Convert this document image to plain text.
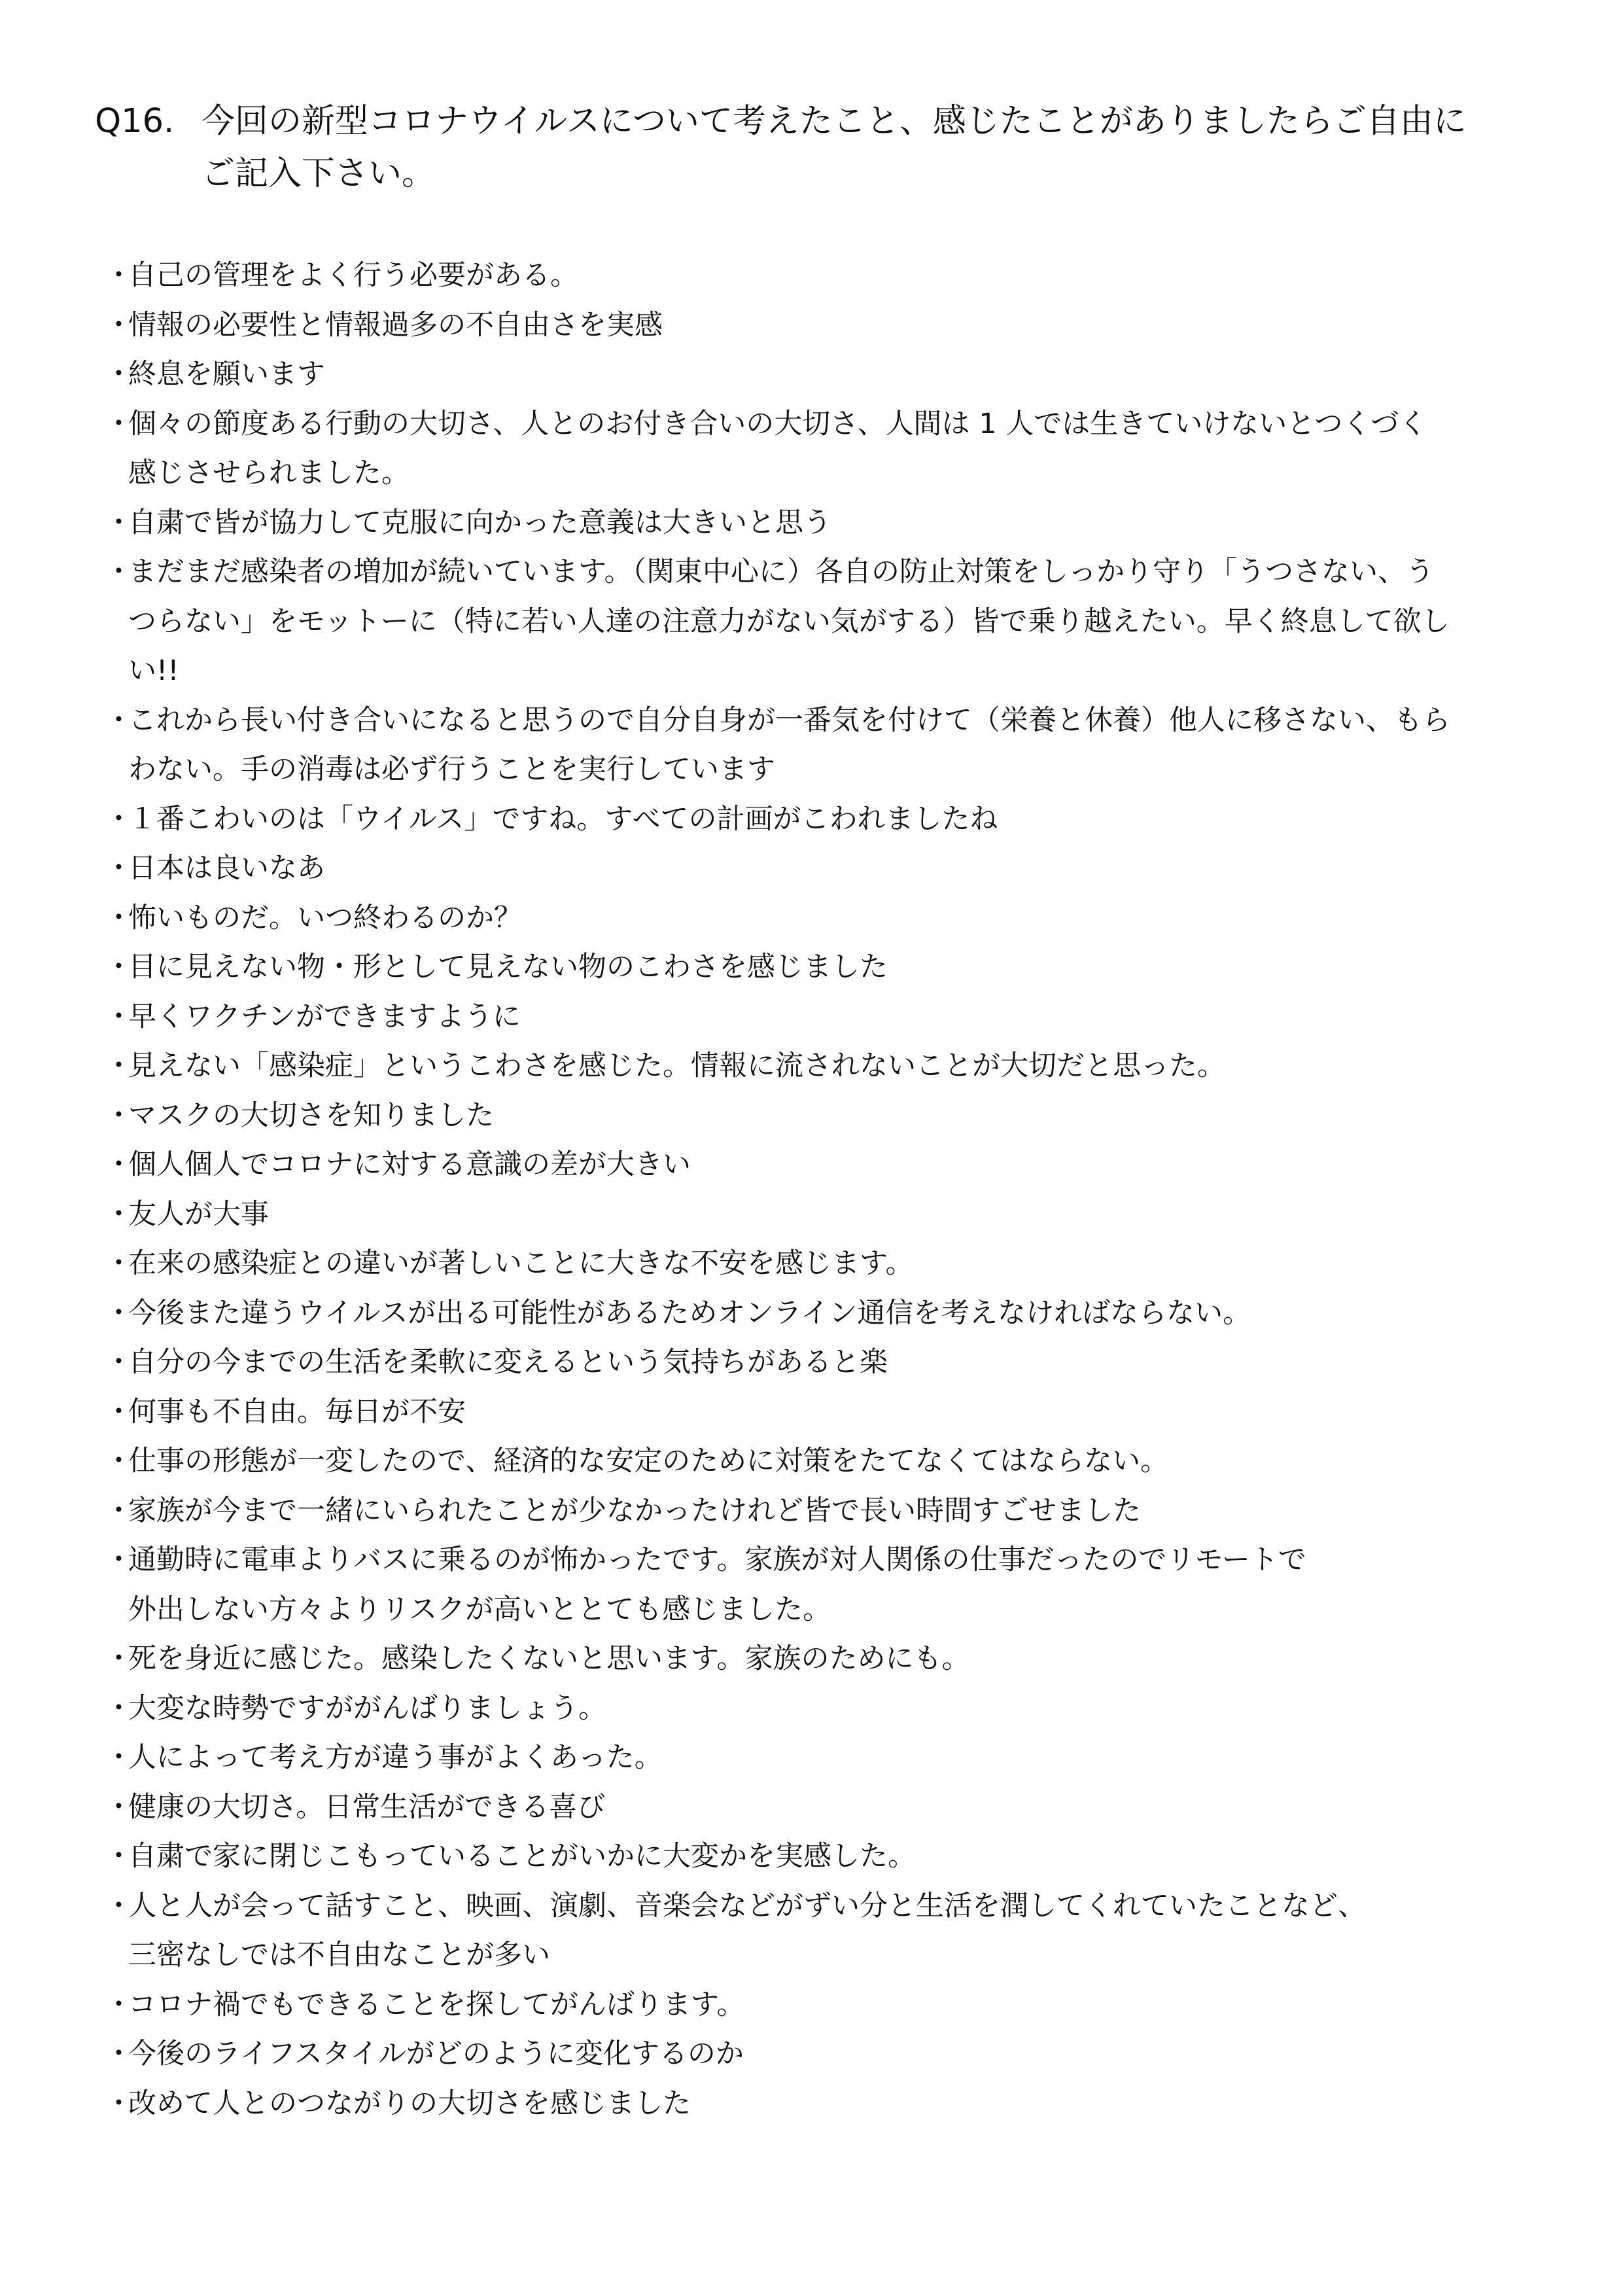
Q16. 今回の新型コロナウイルスについて考えたこと、感じたことがありましたらご自由に
ご記入下さい。
・
自己の管理をよく行う必要がある。
・
情報の必要性と情報過多の不自由さを実感
・
終息を願います
・
個々の節度ある行動の大切さ、人とのお付き合いの大切さ、人間は 1 人では生きていけないとつくづく
感じさせられました。
・
自粛で皆が協力して克服に向かった意義は大きいと思う
・
まだまだ感染者の増加が続いています。（関東中心に）各自の防止対策をしっかり守り「うつさない、う
つらない」をモットーに（特に若い人達の注意力がない気がする）皆で乗り越えたい。早く終息して欲し
い!!
・
これから長い付き合いになると思うので自分自身が一番気を付けて（栄養と休養）他人に移さない、もら
わない。手の消毒は必ず行うことを実行しています
・
１番こわいのは「ウイルス」ですね。すべての計画がこわれましたね
・
日本は良いなあ
・
怖いものだ。いつ終わるのか？
・
目に見えない物・形として見えない物のこわさを感じました
・
早くワクチンができますように
・
見えない「感染症」というこわさを感じた。情報に流されないことが大切だと思った。
・
マスクの大切さを知りました
・
個人個人でコロナに対する意識の差が大きい
・
友人が大事
・
在来の感染症との違いが著しいことに大きな不安を感じます。
・
今後また違うウイルスが出る可能性があるためオンライン通信を考えなければならない。
・
自分の今までの生活を柔軟に変えるという気持ちがあると楽
・
何事も不自由。毎日が不安
・
仕事の形態が一変したので、経済的な安定のために対策をたてなくてはならない。
・
家族が今まで一緒にいられたことが少なかったけれど皆で長い時間すごせました
・
通勤時に電車よりバスに乗るのが怖かったです。家族が対人関係の仕事だったのでリモートで
外出しない方々よりリスクが高いととても感じました。
・
死を身近に感じた。感染したくないと思います。家族のためにも。
・
大変な時勢ですががんばりましょう。
・
人によって考え方が違う事がよくあった。
・
健康の大切さ。日常生活ができる喜び
・
自粛で家に閉じこもっていることがいかに大変かを実感した。
・
人と人が会って話すこと、映画、演劇、音楽会などがずい分と生活を潤してくれていたことなど、
三密なしでは不自由なことが多い
・
コロナ禍でもできることを探してがんばります。
・
今後のライフスタイルがどのように変化するのか
・
改めて人とのつながりの大切さを感じました
